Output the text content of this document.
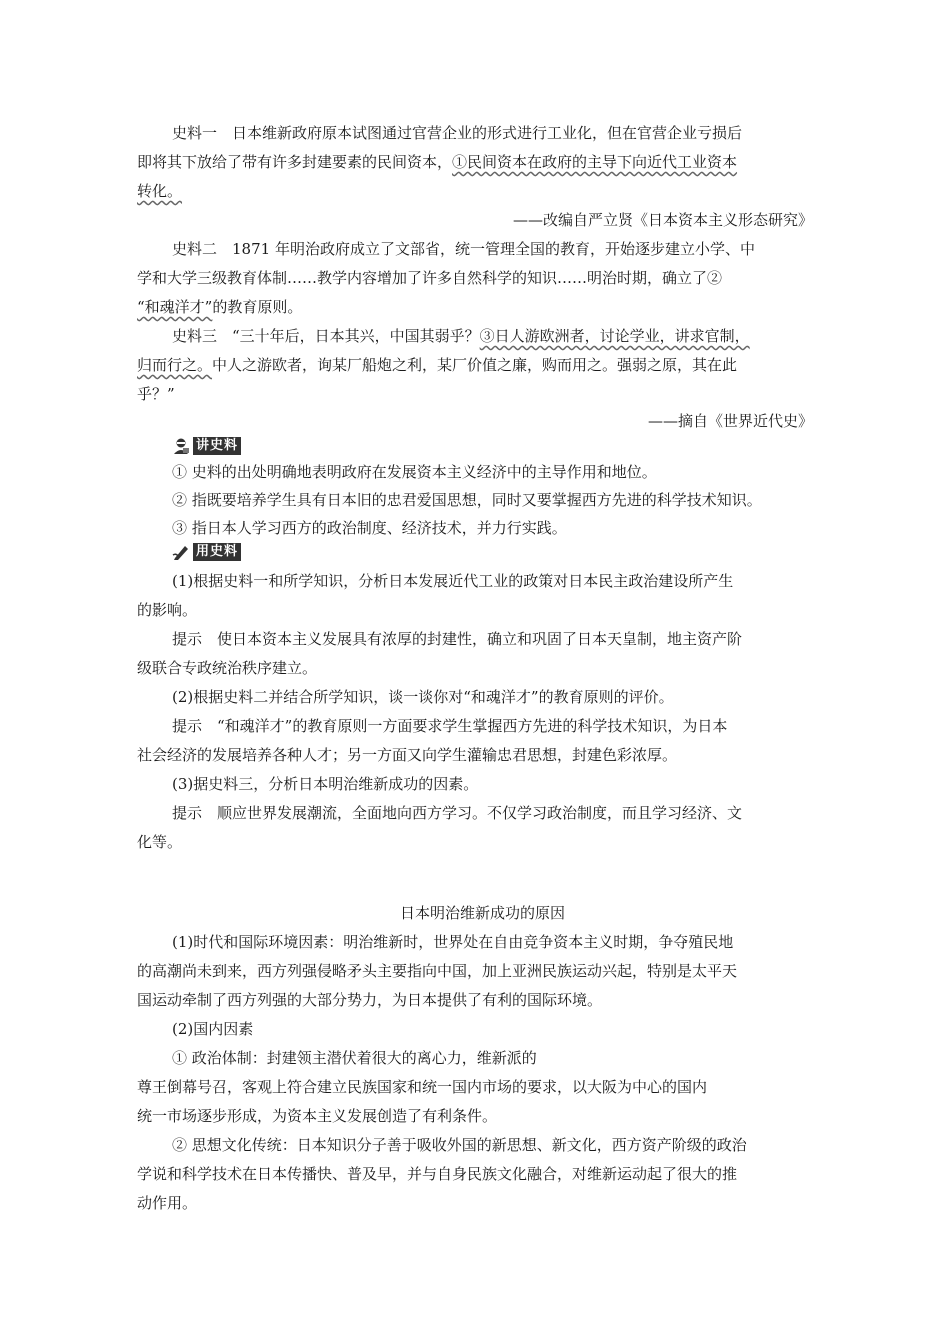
史料一　日本维新政府原本试图通过官营企业的形式进行工业化，但在官营企业亏损后
即将其下放给了带有许多封建要素的民间资本，①民间资本在政府的主导下向近代工业资本
转化。
——改编自严立贤《日本资本主义形态研究》
史料二　1871 年明治政府成立了文部省，统一管理全国的教育，开始逐步建立小学、中
学和大学三级教育体制……教学内容增加了许多自然科学的知识……明治时期，确立了②
“和魂洋才”的教育原则。
史料三　“三十年后，日本其兴，中国其弱乎？③日人游欧洲者，讨论学业，讲求官制，
归而行之。中人之游欧者，询某厂船炮之利，某厂价值之廉，购而用之。强弱之原，其在此
乎？”
——摘自《世界近代史》
讲史料
① 史料的出处明确地表明政府在发展资本主义经济中的主导作用和地位。
② 指既要培养学生具有日本旧的忠君爱国思想，同时又要掌握西方先进的科学技术知识。
③ 指日本人学习西方的政治制度、经济技术，并力行实践。
用史料
(1)根据史料一和所学知识，分析日本发展近代工业的政策对日本民主政治建设所产生
的影响。
提示　使日本资本主义发展具有浓厚的封建性，确立和巩固了日本天皇制，地主资产阶
级联合专政统治秩序建立。
(2)根据史料二并结合所学知识，谈一谈你对“和魂洋才”的教育原则的评价。
提示　“和魂洋才”的教育原则一方面要求学生掌握西方先进的科学技术知识，为日本
社会经济的发展培养各种人才；另一方面又向学生灌输忠君思想，封建色彩浓厚。
(3)据史料三，分析日本明治维新成功的因素。
提示　顺应世界发展潮流，全面地向西方学习。不仅学习政治制度，而且学习经济、文
化等。
日本明治维新成功的原因
(1)时代和国际环境因素：明治维新时，世界处在自由竞争资本主义时期，争夺殖民地
的高潮尚未到来，西方列强侵略矛头主要指向中国，加上亚洲民族运动兴起，特别是太平天
国运动牵制了西方列强的大部分势力，为日本提供了有利的国际环境。
(2)国内因素
① 政治体制：封建领主潜伏着很大的离心力，维新派的
尊王倒幕号召，客观上符合建立民族国家和统一国内市场的要求，以大阪为中心的国内
统一市场逐步形成，为资本主义发展创造了有利条件。
② 思想文化传统：日本知识分子善于吸收外国的新思想、新文化，西方资产阶级的政治
学说和科学技术在日本传播快、普及早，并与自身民族文化融合，对维新运动起了很大的推
动作用。
